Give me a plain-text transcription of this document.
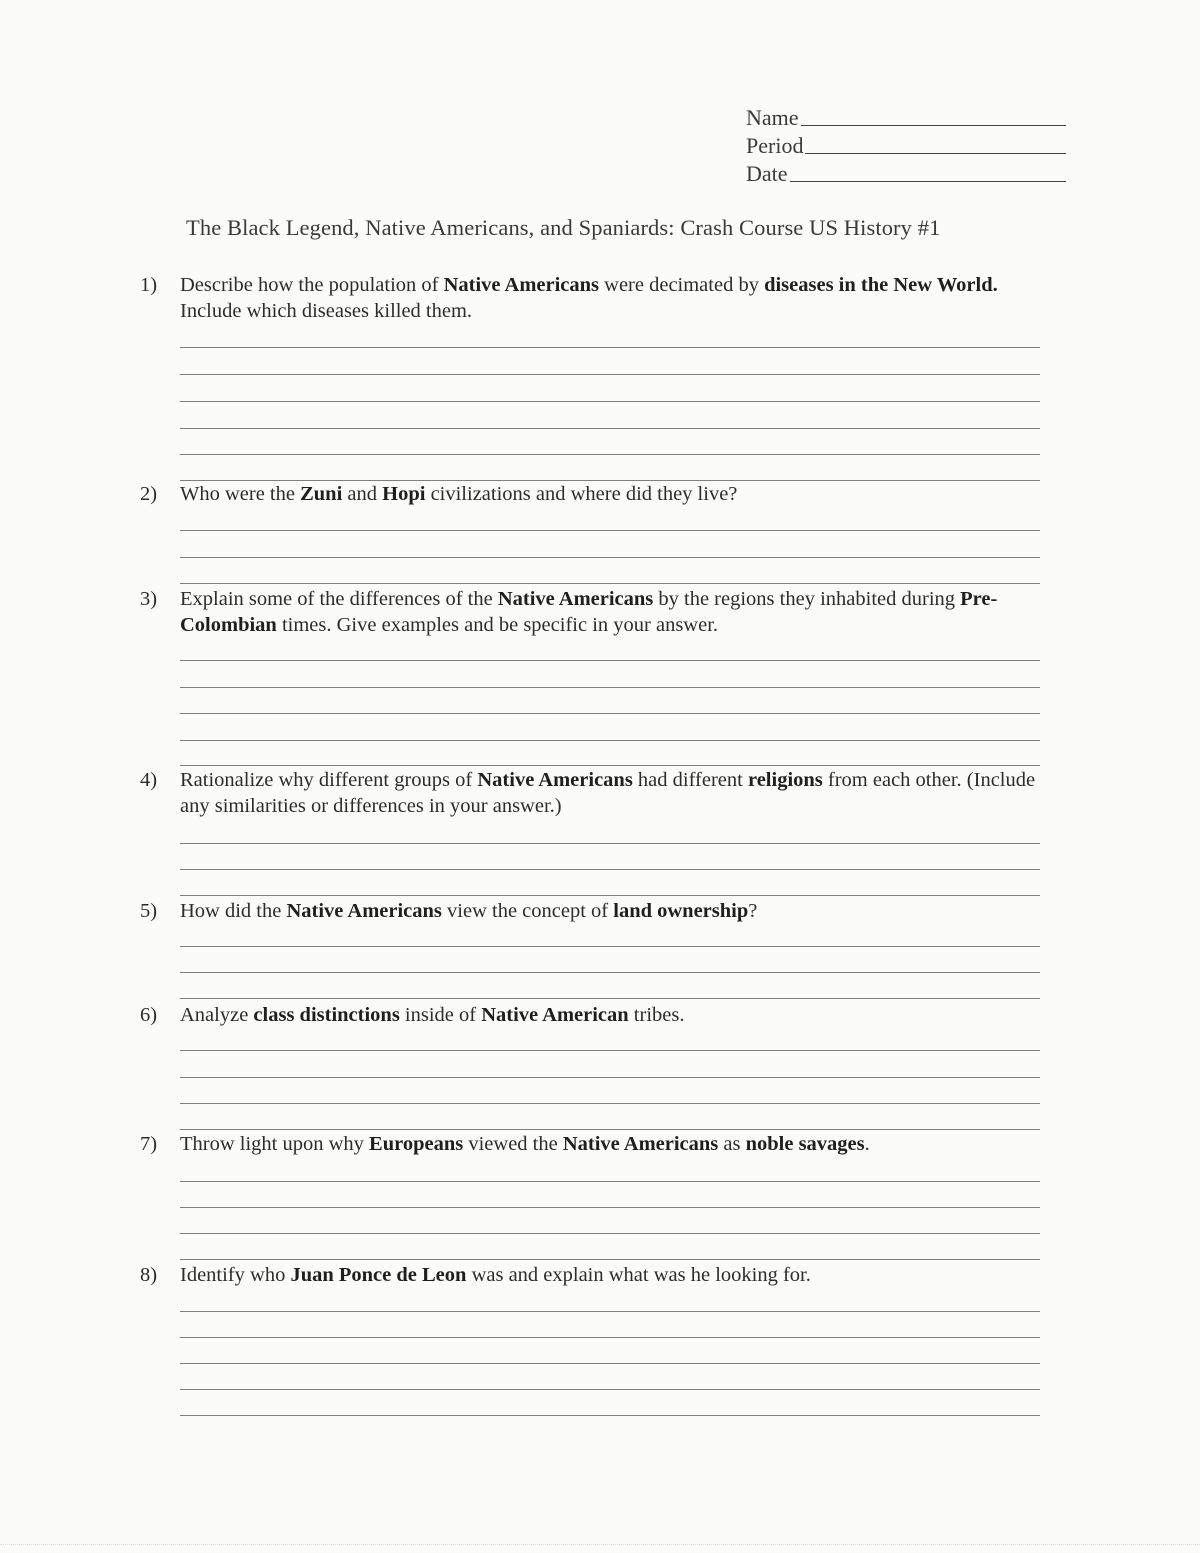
Name
Period
Date
The Black Legend, Native Americans, and Spaniards: Crash Course US History #1
1)	Describe how the population of Native Americans were decimated by diseases in the New World. Include which diseases killed them.
2)	Who were the Zuni and Hopi civilizations and where did they live?
3)	Explain some of the differences of the Native Americans by the regions they inhabited during Pre-Colombian times. Give examples and be specific in your answer.
4)	Rationalize why different groups of Native Americans had different religions from each other. (Include any similarities or differences in your answer.)
5)	How did the Native Americans view the concept of land ownership?
6)	Analyze class distinctions inside of Native American tribes.
7)	Throw light upon why Europeans viewed the Native Americans as noble savages.
8)	Identify who Juan Ponce de Leon was and explain what was he looking for.
